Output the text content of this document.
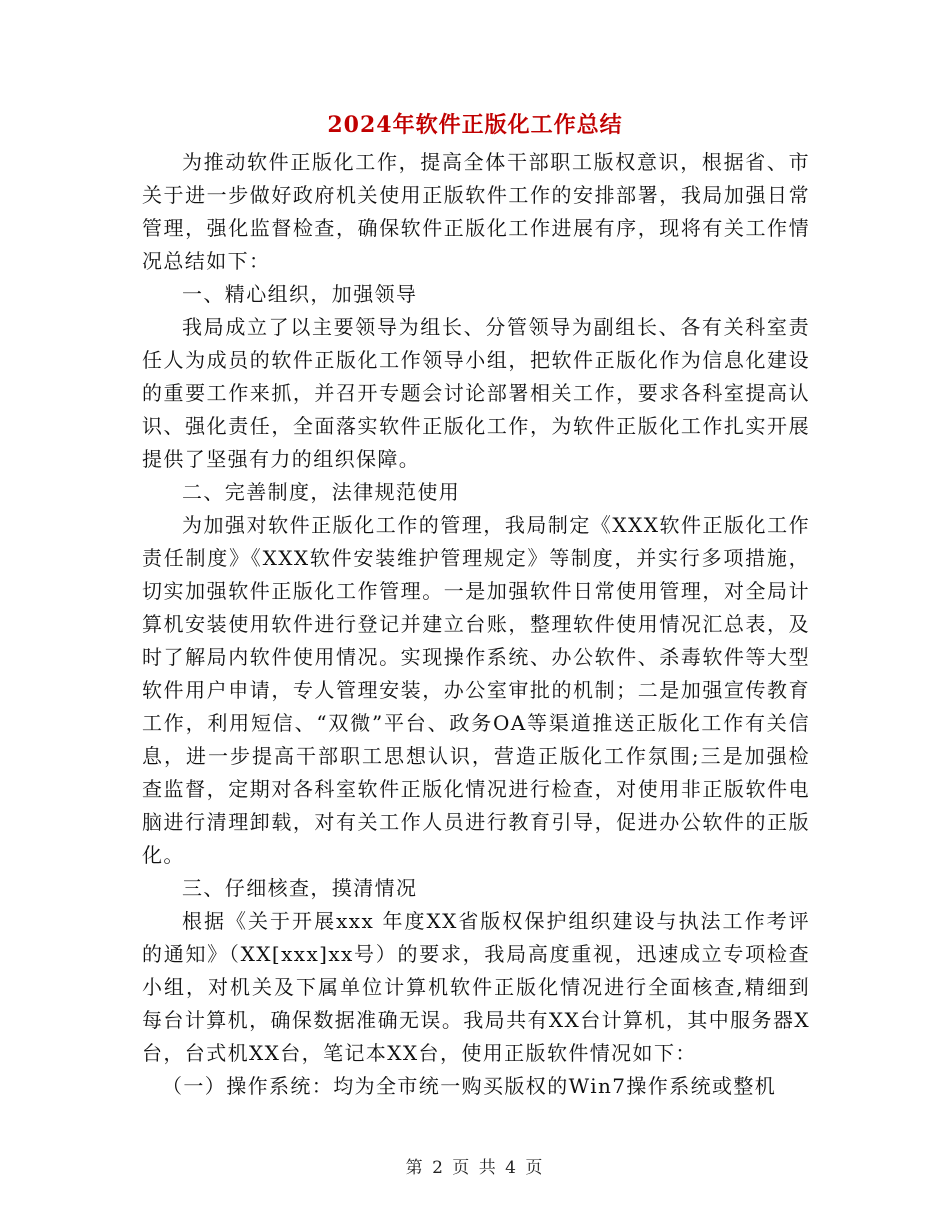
2024年软件正版化工作总结

为推动软件正版化工作，提高全体干部职工版权意识，根据省、市关于进一步做好政府机关使用正版软件工作的安排部署，我局加强日常管理，强化监督检查，确保软件正版化工作进展有序，现将有关工作情况总结如下：

一、精心组织，加强领导

我局成立了以主要领导为组长、分管领导为副组长、各有关科室责任人为成员的软件正版化工作领导小组，把软件正版化作为信息化建设的重要工作来抓，并召开专题会讨论部署相关工作，要求各科室提高认识、强化责任，全面落实软件正版化工作，为软件正版化工作扎实开展提供了坚强有力的组织保障。

二、完善制度，法律规范使用

为加强对软件正版化工作的管理，我局制定《XXX软件正版化工作责任制度》《XXX软件安装维护管理规定》等制度，并实行多项措施，切实加强软件正版化工作管理。一是加强软件日常使用管理，对全局计算机安装使用软件进行登记并建立台账，整理软件使用情况汇总表，及时了解局内软件使用情况。实现操作系统、办公软件、杀毒软件等大型软件用户申请，专人管理安装，办公室审批的机制；二是加强宣传教育工作，利用短信、“双微”平台、政务OA等渠道推送正版化工作有关信息，进一步提高干部职工思想认识，营造正版化工作氛围;三是加强检查监督，定期对各科室软件正版化情况进行检查，对使用非正版软件电脑进行清理卸载，对有关工作人员进行教育引导，促进办公软件的正版化。

三、仔细核查，摸清情况

根据《关于开展xxx 年度XX省版权保护组织建设与执法工作考评的通知》（XX[xxx]xx号）的要求，我局高度重视，迅速成立专项检查小组，对机关及下属单位计算机软件正版化情况进行全面核查,精细到每台计算机，确保数据准确无误。我局共有XX台计算机，其中服务器X台，台式机XX台，笔记本XX台，使用正版软件情况如下：

（一）操作系统：均为全市统一购买版权的Win7操作系统或整机

第 2 页 共 4 页
